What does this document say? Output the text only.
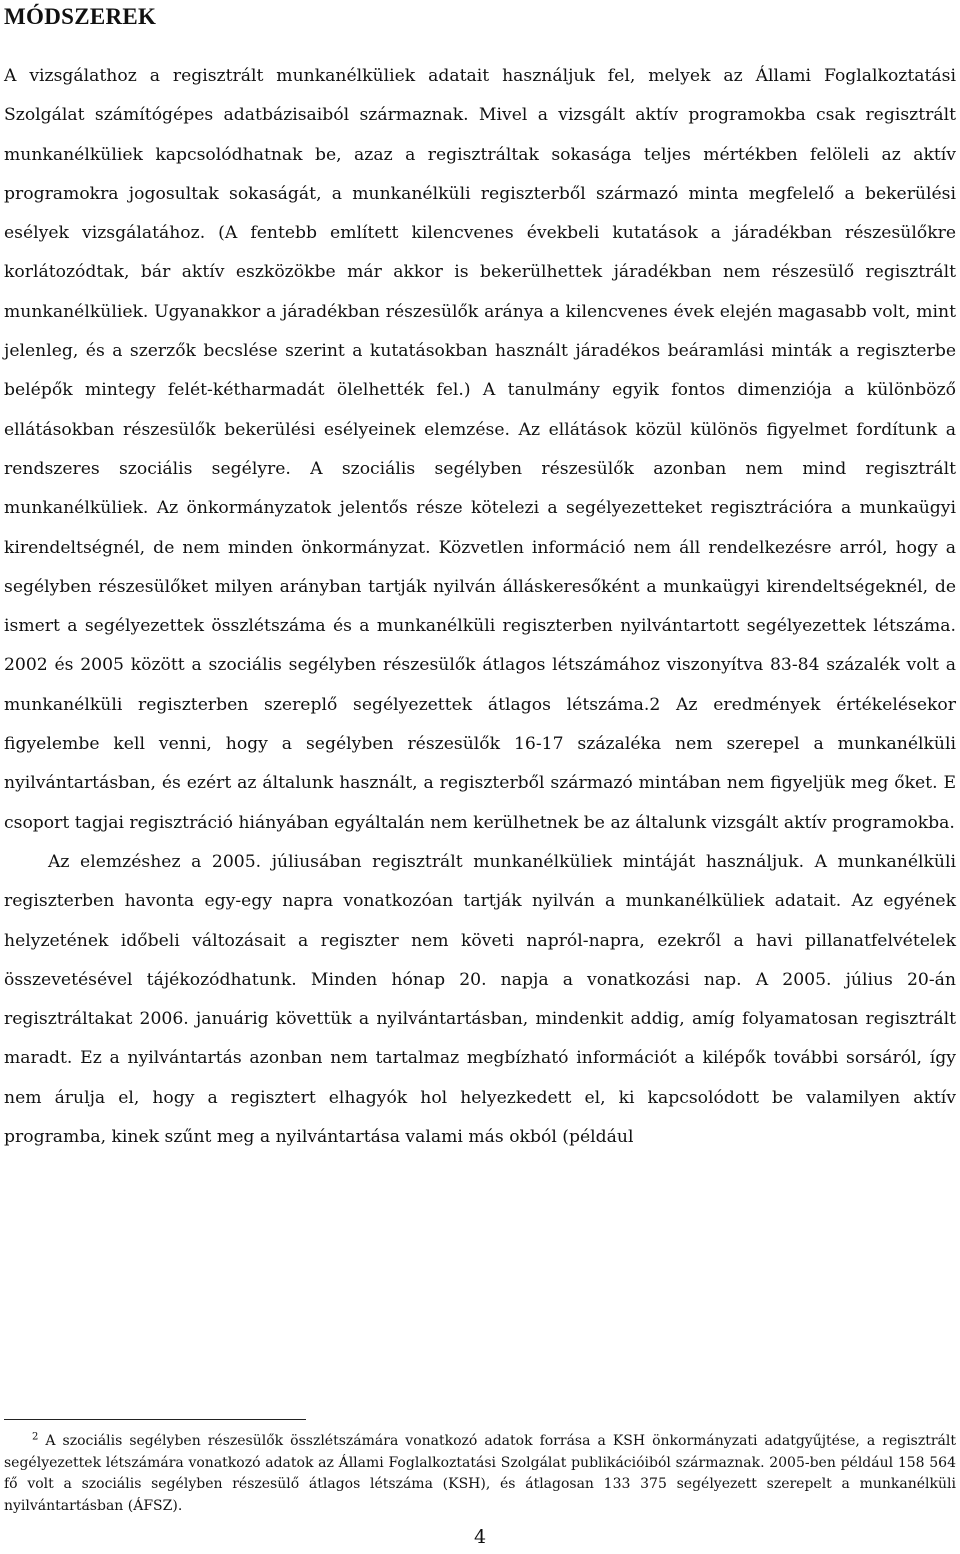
MÓDSZEREK

A vizsgálathoz a regisztrált munkanélküliek adatait használjuk fel, melyek az Állami Foglalkoztatási Szolgálat számítógépes adatbázisaiból származnak. Mivel a vizsgált aktív programokba csak regisztrált munkanélküliek kapcsolódhatnak be, azaz a regisztráltak sokasága teljes mértékben felöleli az aktív programokra jogosultak sokaságát, a munkanélküli regiszterből származó minta megfelelő a bekerülési esélyek vizsgálatához. (A fentebb említett kilencvenes évekbeli kutatások a járadékban részesülőkre korlátozódtak, bár aktív eszközökbe már akkor is bekerülhettek járadékban nem részesülő regisztrált munkanélküliek. Ugyanakkor a járadékban részesülők aránya a kilencvenes évek elején magasabb volt, mint jelenleg, és a szerzők becslése szerint a kutatásokban használt járadékos beáramlási minták a regiszterbe belépők mintegy felét-kétharmadát ölelhették fel.) A tanulmány egyik fontos dimenziója a különböző ellátásokban részesülők bekerülési esélyeinek elemzése. Az ellátások közül különös figyelmet fordítunk a rendszeres szociális segélyre. A szociális segélyben részesülők azonban nem mind regisztrált munkanélküliek. Az önkormányzatok jelentős része kötelezi a segélyezetteket regisztrációra a munkaügyi kirendeltségnél, de nem minden önkormányzat. Közvetlen információ nem áll rendelkezésre arról, hogy a segélyben részesülőket milyen arányban tartják nyilván álláskeresőként a munkaügyi kirendeltségeknél, de ismert a segélyezettek összlétszáma és a munkanélküli regiszterben nyilvántartott segélyezettek létszáma. 2002 és 2005 között a szociális segélyben részesülők átlagos létszámához viszonyítva 83-84 százalék volt a munkanélküli regiszterben szereplő segélyezettek átlagos létszáma.2 Az eredmények értékelésekor figyelembe kell venni, hogy a segélyben részesülők 16-17 százaléka nem szerepel a munkanélküli nyilvántartásban, és ezért az általunk használt, a regiszterből származó mintában nem figyeljük meg őket. E csoport tagjai regisztráció hiányában egyáltalán nem kerülhetnek be az általunk vizsgált aktív programokba.

Az elemzéshez a 2005. júliusában regisztrált munkanélküliek mintáját használjuk. A munkanélküli regiszterben havonta egy-egy napra vonatkozóan tartják nyilván a munkanélküliek adatait. Az egyének helyzetének időbeli változásait a regiszter nem követi napról-napra, ezekről a havi pillanatfelvételek összevetésével tájékozódhatunk. Minden hónap 20. napja a vonatkozási nap. A 2005. július 20-án regisztráltakat 2006. januárig követtük a nyilvántartásban, mindenkit addig, amíg folyamatosan regisztrált maradt. Ez a nyilvántartás azonban nem tartalmaz megbízható információt a kilépők további sorsáról, így nem árulja el, hogy a regisztert elhagyók hol helyezkedett el, ki kapcsolódott be valamilyen aktív programba, kinek szűnt meg a nyilvántartása valami más okból (például

$^2$ A szociális segélyben részesülők összlétszámára vonatkozó adatok forrása a KSH önkormányzati adatgyűjtése, a regisztrált segélyezettek létszámára vonatkozó adatok az Állami Foglalkoztatási Szolgálat publikációiból származnak. 2005-ben például 158 564 fő volt a szociális segélyben részesülő átlagos létszáma (KSH), és átlagosan 133 375 segélyezett szerepelt a munkanélküli nyilvántartásban (ÁFSZ).

4
